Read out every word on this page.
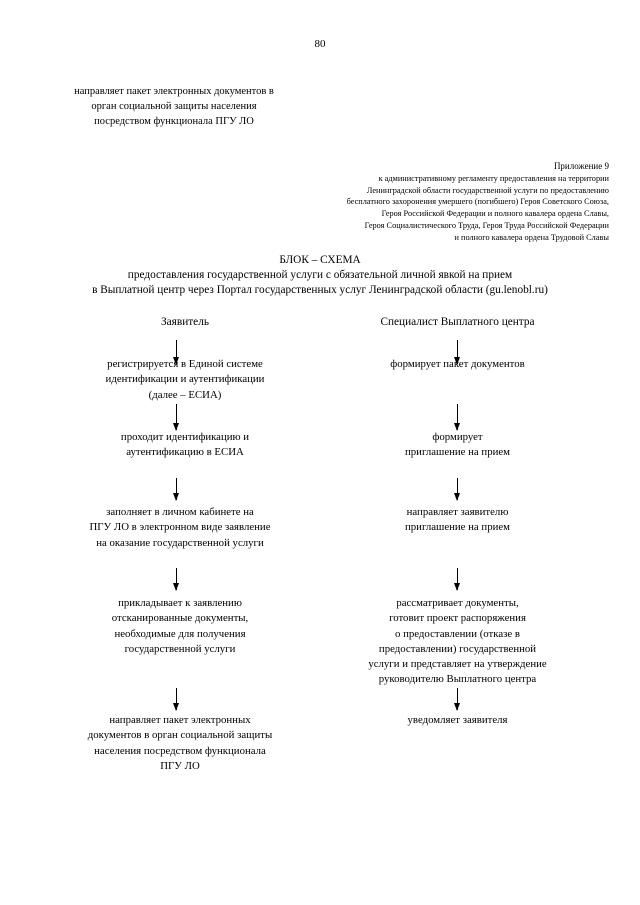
80
направляет пакет электронных документов в
орган социальной защиты населения
посредством функционала ПГУ ЛО
Приложение 9
к административному регламенту предоставления на территории
Ленинградской области государственной услуги по предоставлению
бесплатного захоронения умершего (погибшего) Героя Советского Союза,
Героя Российской Федерации и полного кавалера ордена Славы,
Героя Социалистического Труда, Героя Труда Российской Федерации
и полного кавалера ордена Трудовой Славы
БЛОК – СХЕМА
предоставления государственной услуги с обязательной личной явкой на прием
в Выплатной центр через Портал государственных услуг Ленинградской области (gu.lenobl.ru)
Заявитель
регистрируется в Единой системе
идентификации и аутентификации
(далее – ЕСИА)
проходит идентификацию и
аутентификацию в ЕСИА
заполняет в личном кабинете на
ПГУ ЛО в электронном виде заявление
на оказание государственной услуги
прикладывает к заявлению
отсканированные документы,
необходимые для получения
государственной услуги
направляет пакет электронных
документов в орган социальной защиты
населения посредством функционала
ПГУ ЛО
Специалист Выплатного центра
формирует пакет документов
формирует
приглашение на прием
направляет заявителю
приглашение на прием
рассматривает документы,
готовит проект распоряжения
о предоставлении (отказе в
предоставлении) государственной
услуги и представляет на утверждение
руководителю Выплатного центра
уведомляет заявителя
